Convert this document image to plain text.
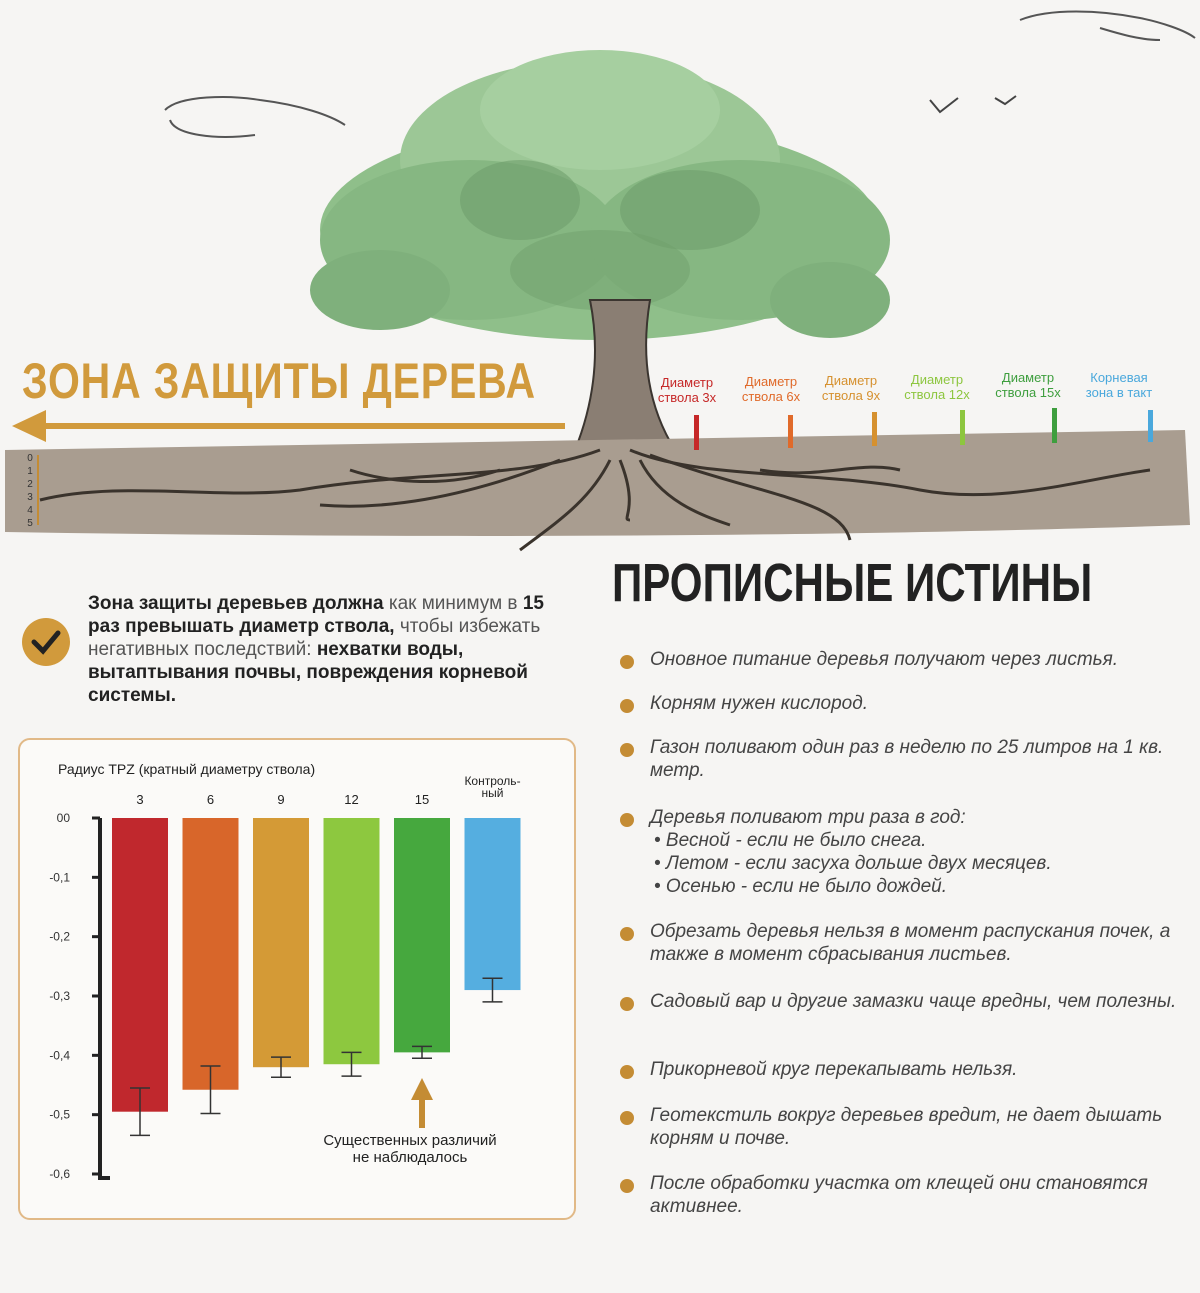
ЗОНА ЗАЩИТЫ ДЕРЕВА
0
1
2
3
4
5
Диаметр
ствола 3х
Диаметр
ствола 6х
Диаметр
ствола 9х
Диаметр
ствола 12х
Диаметр
ствола 15х
Корневая
зона в такт
Зона защиты деревьев должна как минимум в 15 раз превышать диаметр ствола, чтобы избежать негативных последствий: нехватки воды, вытаптывания почвы, повреждения корневой системы.
Радиус TPZ (кратный диаметру ствола)
00
-0,1
-0,2
-0,3
-0,4
-0,5
-0,6
3	6	9	12	15
Контроль-
ный
Существенных различий
не наблюдалось
ПРОПИСНЫЕ ИСТИНЫ
Оновное питание деревья получают через листья.
Корням нужен кислород.
Газон поливают один раз в неделю по 25 литров на 1 кв. метр.
Деревья поливают три раза в год:
• Весной - если не было снега.
• Летом - если засуха дольше двух месяцев.
• Осенью - если не было дождей.
Обрезать деревья нельзя в момент распускания почек, а также в момент сбрасывания листьев.
Садовый вар и другие замазки чаще вредны, чем полезны.
Прикорневой круг перекапывать нельзя.
Геотекстиль вокруг деревьев вредит, не дает дышать корням и почве.
После обработки участка от клещей они становятся активнее.
